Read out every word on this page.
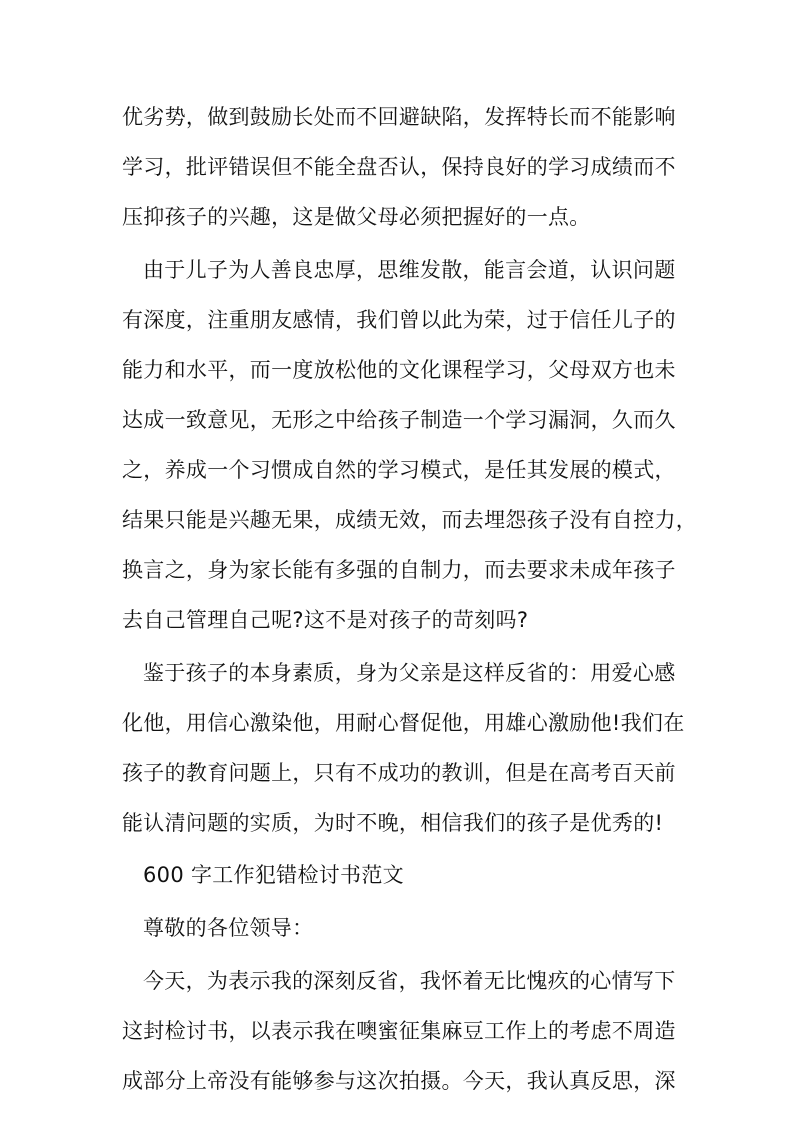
优劣势，做到鼓励长处而不回避缺陷，发挥特长而不能影响
学习，批评错误但不能全盘否认，保持良好的学习成绩而不
压抑孩子的兴趣，这是做父母必须把握好的一点。
由于儿子为人善良忠厚，思维发散，能言会道，认识问题
有深度，注重朋友感情，我们曾以此为荣，过于信任儿子的
能力和水平，而一度放松他的文化课程学习，父母双方也未
达成一致意见，无形之中给孩子制造一个学习漏洞，久而久
之，养成一个习惯成自然的学习模式，是任其发展的模式，
结果只能是兴趣无果，成绩无效，而去埋怨孩子没有自控力，
换言之，身为家长能有多强的自制力，而去要求未成年孩子
去自己管理自己呢?这不是对孩子的苛刻吗?
鉴于孩子的本身素质，身为父亲是这样反省的：用爱心感
化他，用信心激染他，用耐心督促他，用雄心激励他!我们在
孩子的教育问题上，只有不成功的教训，但是在高考百天前
能认清问题的实质，为时不晚，相信我们的孩子是优秀的!
600 字工作犯错检讨书范文
尊敬的各位领导：
今天，为表示我的深刻反省，我怀着无比愧疚的心情写下
这封检讨书，以表示我在噢蜜征集麻豆工作上的考虑不周造
成部分上帝没有能够参与这次拍摄。今天，我认真反思，深
